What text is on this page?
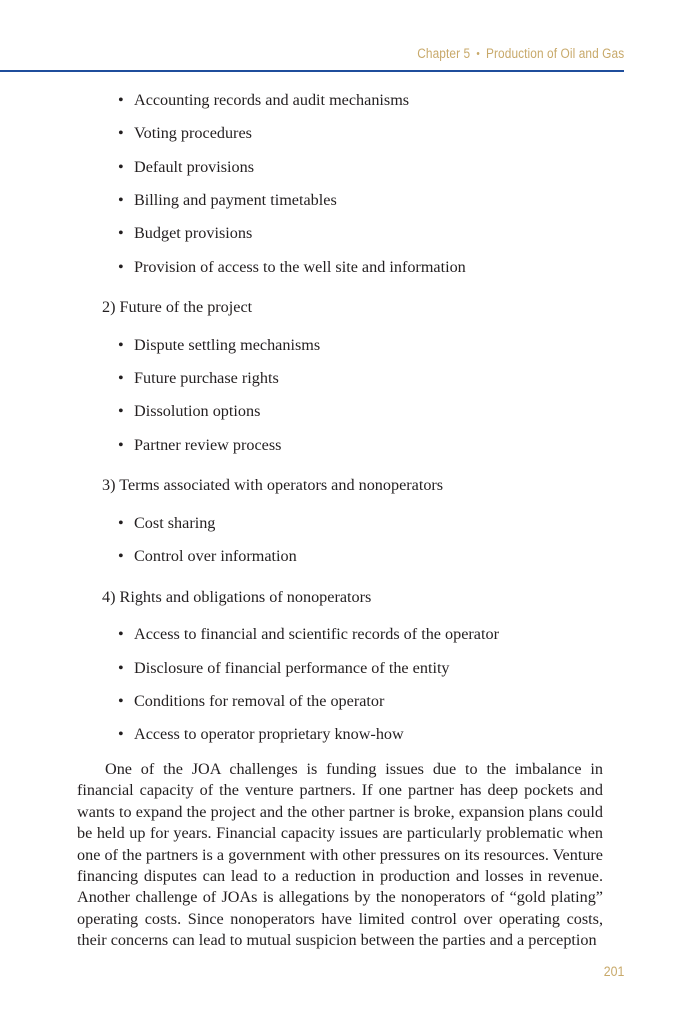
Chapter 5 • Production of Oil and Gas
• Accounting records and audit mechanisms
• Voting procedures
• Default provisions
• Billing and payment timetables
• Budget provisions
• Provision of access to the well site and information
2) Future of the project
• Dispute settling mechanisms
• Future purchase rights
• Dissolution options
• Partner review process
3) Terms associated with operators and nonoperators
• Cost sharing
• Control over information
4) Rights and obligations of nonoperators
• Access to financial and scientific records of the operator
• Disclosure of financial performance of the entity
• Conditions for removal of the operator
• Access to operator proprietary know-how

One of the JOA challenges is funding issues due to the imbalance in financial capacity of the venture partners. If one partner has deep pockets and wants to expand the project and the other partner is broke, expansion plans could be held up for years. Financial capacity issues are particularly problematic when one of the partners is a government with other pressures on its resources. Venture financing disputes can lead to a reduction in production and losses in revenue. Another challenge of JOAs is allegations by the nonoperators of “gold plating” operating costs. Since nonoperators have limited control over operating costs, their concerns can lead to mutual suspicion between the parties and a perception

201
